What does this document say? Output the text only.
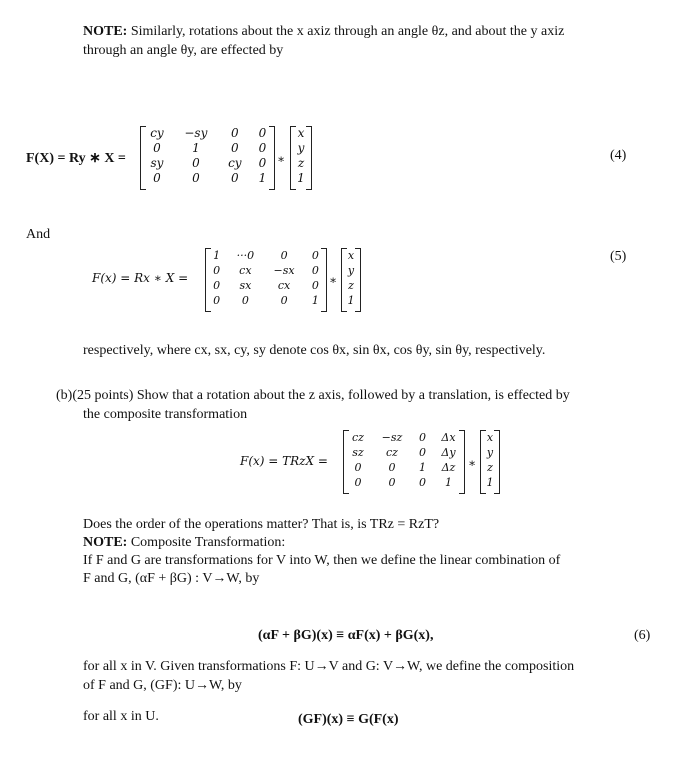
NOTE: Similarly, rotations about the x axiz through an angle θz, and about the y axiz
through an angle θy, are effected by
F(X) = Ry ∗ X =
cy	−sy	0	0
0	1	0	0
sy	0	cy	0
0	0	0	1
∗
x
y
z
1
(4)
And
F(x) = Rx ∗ X =
1	···0	0	0
0	cx	−sx	0
0	sx	cx	0
0	0	0	1
∗
x
y
z
1
(5)
respectively, where cx, sx, cy, sy denote cos θx, sin θx, cos θy, sin θy, respectively.
(b)(25 points) Show that a rotation about the z axis, followed by a translation, is effected by
the composite transformation
F(x) = TRzX =
cz	−sz	0	Δx
sz	cz	0	Δy
0	0	1	Δz
0	0	0	1
∗
x
y
z
1
Does the order of the operations matter? That is, is TRz = RzT?
NOTE: Composite Transformation:
If F and G are transformations for V into W, then we define the linear combination of
F and G, (αF + βG) : V→W, by
(αF + βG)(x) ≡ αF(x) + βG(x),	(6)
for all x in V. Given transformations F: U→V and G: V→W, we define the composition
of F and G, (GF): U→W, by
for all x in U.	(GF)(x) ≡ G(F(x)
